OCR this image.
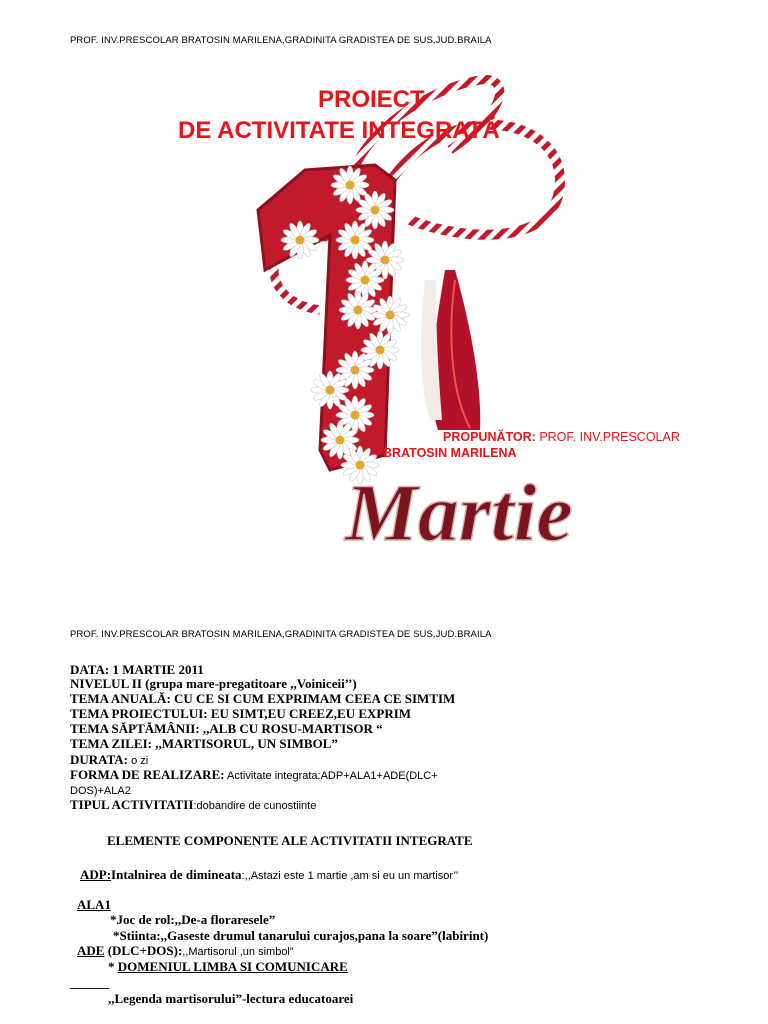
PROF. INV.PRESCOLAR BRATOSIN MARILENA,GRADINITA GRADISTEA DE SUS,JUD.BRAILA
Martie
PROIECT
DE ACTIVITATE INTEGRATĂ
PROPUNĂTOR: PROF. INV.PRESCOLAR
BRATOSIN MARILENA
PROF. INV.PRESCOLAR BRATOSIN MARILENA,GRADINITA GRADISTEA DE SUS,JUD.BRAILA
DATA: 1 MARTIE 2011
NIVELUL II (grupa mare-pregatitoare ,,Voiniceii’’)
TEMA ANUALĂ: CU CE SI CUM EXPRIMAM CEEA CE SIMTIM
TEMA PROIECTULUI: EU SIMT,EU CREEZ,EU EXPRIM
TEMA SĂPTĂMÂNII: ,,ALB CU ROSU-MARTISOR “
TEMA ZILEI: ,,MARTISORUL, UN SIMBOL”
DURATA: o zi
FORMA DE REALIZARE: Activitate integrata:ADP+ALA1+ADE(DLC+
DOS)+ALA2
TIPUL ACTIVITATII:dobandire de cunostiinte
ELEMENTE COMPONENTE ALE ACTIVITATII INTEGRATE
ADP:Intalnirea de dimineata:,,Astazi este 1 martie ,am si eu un martisor’’
ALA1
*Joc de rol:,,De-a floraresele”
*Stiinta:,,Gaseste drumul tanarului curajos,pana la soare”(labirint)
ADE (DLC+DOS):,,Martisorul ,un simbol”
* DOMENIUL LIMBA SI COMUNICARE
______
,,Legenda martisorului”-lectura educatoarei
